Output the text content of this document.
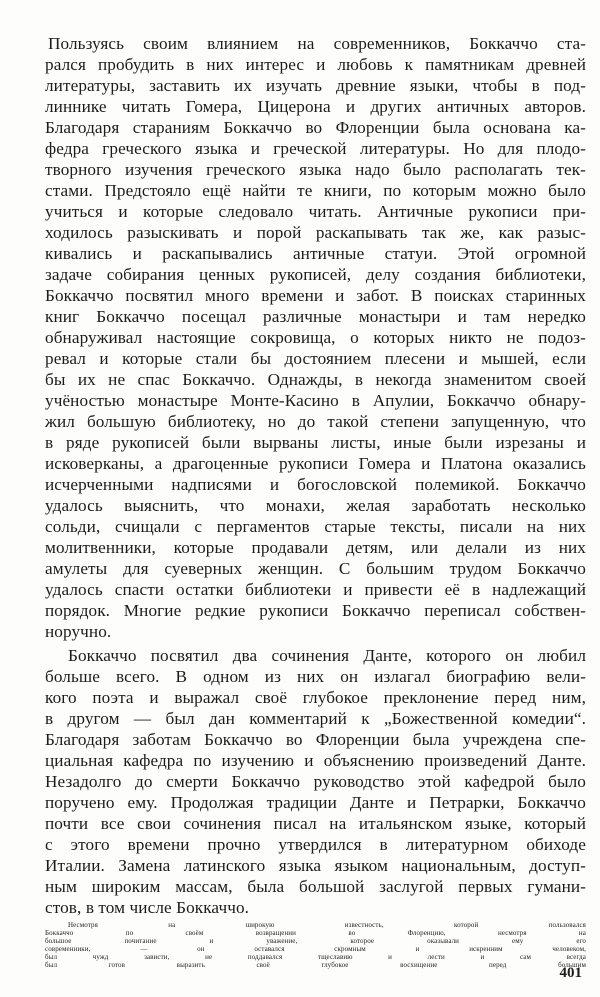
Пользуясь своим влиянием на современников, Боккаччо ста-
рался пробудить в них интерес и любовь к памятникам древней
литературы, заставить их изучать древние языки, чтобы в под-
линнике читать Гомера, Цицерона и других античных авторов.
Благодаря стараниям Боккаччо во Флоренции была основана ка-
федра греческого языка и греческой литературы. Но для плодо-
творного изучения греческого языка надо было располагать тек-
стами. Предстояло ещё найти те книги, по которым можно было
учиться и которые следовало читать. Античные рукописи при-
ходилось разыскивать и порой раскапывать так же, как разыс-
кивались и раскапывались античные статуи. Этой огромной
задаче собирания ценных рукописей, делу создания библиотеки,
Боккаччо посвятил много времени и забот. В поисках старинных
книг Боккаччо посещал различные монастыри и там нередко
обнаруживал настоящие сокровища, о которых никто не подоз-
ревал и которые стали бы достоянием плесени и мышей, если
бы их не спас Боккаччо. Однажды, в некогда знаменитом своей
учёностью монастыре Монте-Касино в Апулии, Боккаччо обнару-
жил большую библиотеку, но до такой степени запущенную, что
в ряде рукописей были вырваны листы, иные были изрезаны и
исковерканы, а драгоценные рукописи Гомера и Платона оказались
исчерченными надписями и богословской полемикой. Боккаччо
удалось выяснить, что монахи, желая заработать несколько
сольди, счищали с пергаментов старые тексты, писали на них
молитвенники, которые продавали детям, или делали из них
амулеты для суеверных женщин. С большим трудом Боккаччо
удалось спасти остатки библиотеки и привести её в надлежащий
порядок. Многие редкие рукописи Боккаччо переписал собствен-
норучно.
Боккаччо посвятил два сочинения Данте, которого он любил
больше всего. В одном из них он излагал биографию вели-
кого поэта и выражал своё глубокое преклонение перед ним,
в другом — был дан комментарий к „Божественной комедии“.
Благодаря заботам Боккаччо во Флоренции была учреждена спе-
циальная кафедра по изучению и объяснению произведений Данте.
Незадолго до смерти Боккаччо руководство этой кафедрой было
поручено ему. Продолжая традиции Данте и Петрарки, Боккаччо
почти все свои сочинения писал на итальянском языке, который
с этого времени прочно утвердился в литературном обиходе
Италии. Замена латинского языка языком национальным, доступ-
ным широким массам, была большой заслугой первых гумани-
стов, в том числе Боккаччо.
Несмотря на широкую известность, которой пользовался
Боккаччо по своём возвращении во Флоренцию, несмотря на
большое почитание и уважение, которое оказывали ему его
современники, — он оставался скромным и искренним человеком,
был чужд зависти, не поддавался тщеславию и лести и сам всегда
был готов выразить своё глубокое восхищение перед большим
401
